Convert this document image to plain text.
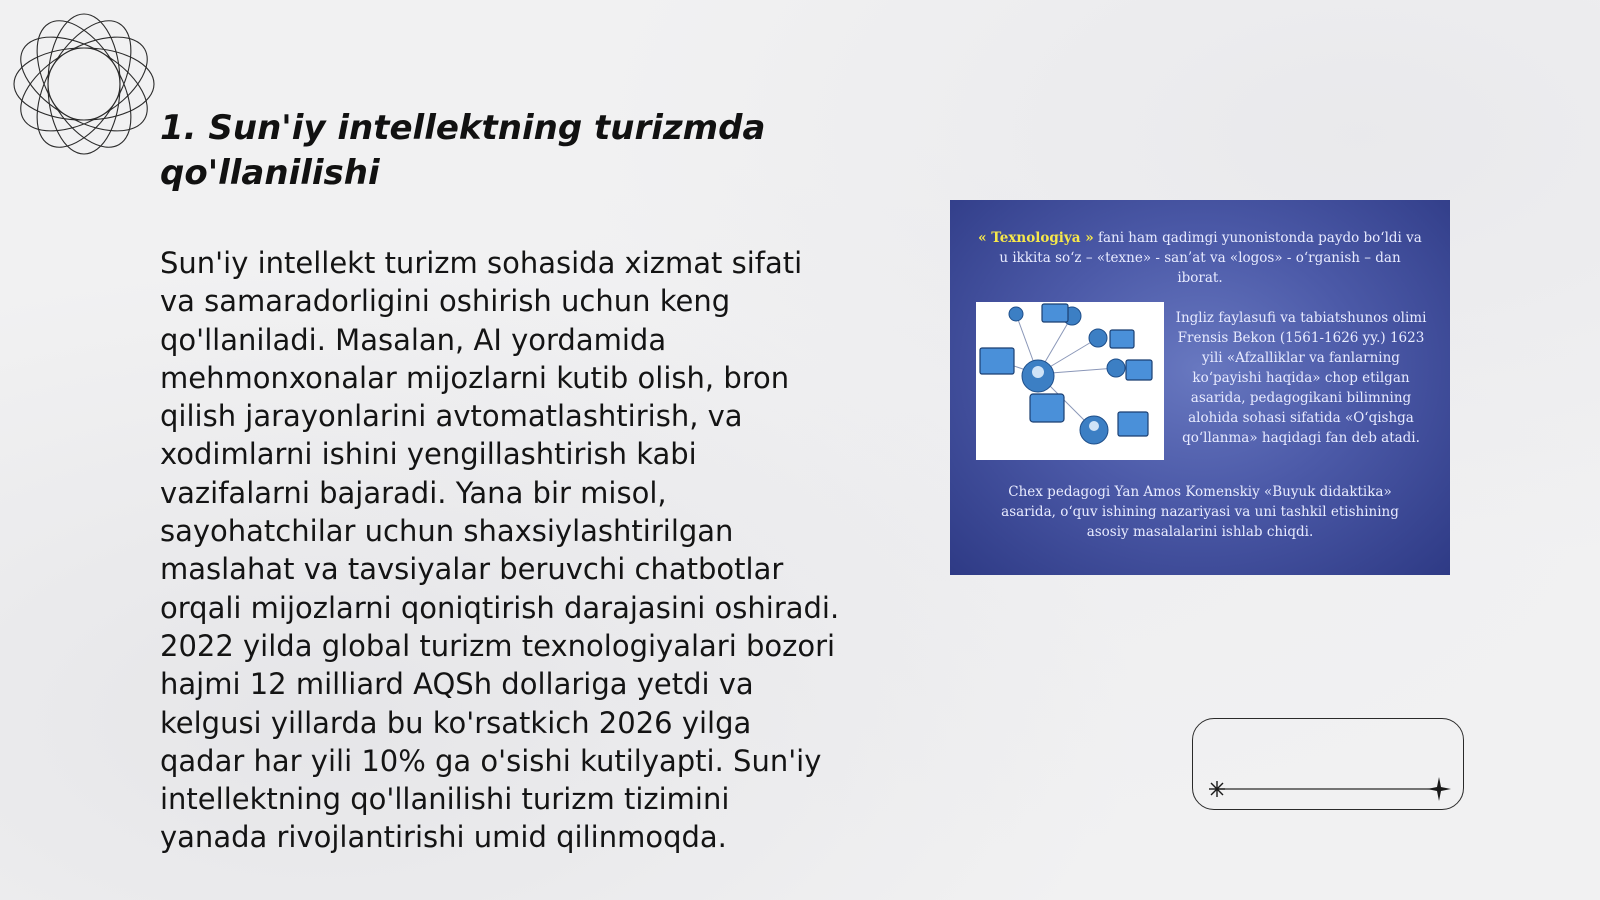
1. Sun'iy intellektning turizmda qo'llanilishi

Sun'iy intellekt turizm sohasida xizmat sifati va samaradorligini oshirish uchun keng qo'llaniladi. Masalan, AI yordamida mehmonxonalar mijozlarni kutib olish, bron qilish jarayonlarini avtomatlashtirish, va xodimlarni ishini yengillashtirish kabi vazifalarni bajaradi. Yana bir misol, sayohatchilar uchun shaxsiylashtirilgan maslahat va tavsiyalar beruvchi chatbotlar orqali mijozlarni qoniqtirish darajasini oshiradi. 2022 yilda global turizm texnologiyalari bozori hajmi 12 milliard AQSh dollariga yetdi va kelgusi yillarda bu ko'rsatkich 2026 yilga qadar har yili 10% ga o'sishi kutilyapti. Sun'iy intellektning qo'llanilishi turizm tizimini yanada rivojlantirishi umid qilinmoqda.

« Texnologiya » fani ham qadimgi yunonistonda paydo bo‘ldi va u ikkita so‘z – «texne» - san’at va «logos» - o‘rganish – dan iborat.
Ingliz faylasufi va tabiatshunos olimi Frensis Bekon (1561-1626 yy.) 1623 yili «Afzalliklar va fanlarning ko‘payishi haqida» chop etilgan asarida, pedagogikani bilimning alohida sohasi sifatida «O‘qishga qo‘llanma» haqidagi fan deb atadi.
Chex pedagogi Yan Amos Komenskiy «Buyuk didaktika» asarida, o‘quv ishining nazariyasi va uni tashkil etishining asosiy masalalarini ishlab chiqdi.
